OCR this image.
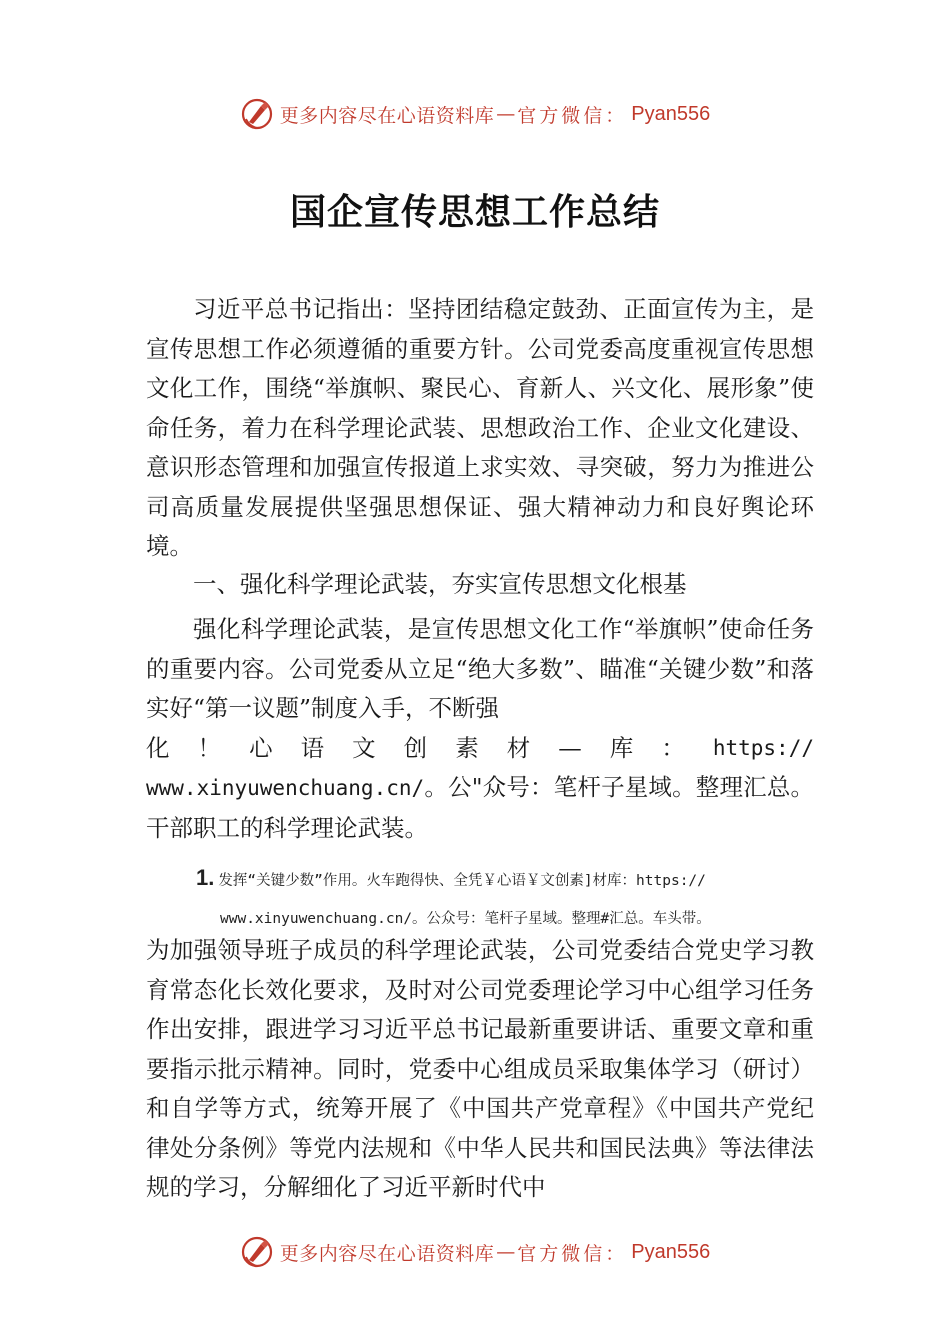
更多内容尽在心语资料库 — 官方微信： Pyan556
国企宣传思想工作总结
习近平总书记指出：坚持团结稳定鼓劲、正面宣传为主，是宣传思想工作必须遵循的重要方针。公司党委高度重视宣传思想文化工作，围绕“举旗帜、聚民心、育新人、兴文化、展形象”使命任务，着力在科学理论武装、思想政治工作、企业文化建设、意识形态管理和加强宣传报道上求实效、寻突破，努力为推进公司高质量发展提供坚强思想保证、强大精神动力和良好舆论环境。
一、强化科学理论武装，夯实宣传思想文化根基
强化科学理论武装，是宣传思想文化工作“举旗帜”使命任务的重要内容。公司党委从立足“绝大多数”、瞄准“关键少数”和落实好“第一议题”制度入手，不断强
化 ！ 心 语 文 创 素 材 — 库 ： https://
www.xinyuwenchuang.cn/。公"众号：笔杆子星域。整理汇总。干部职工的科学理论武装。
1. 发挥“关键少数”作用。火车跑得快、全凭￥心语￥文创素]材库：https://
www.xinyuwenchuang.cn/。公众号：笔杆子星域。整理#汇总。车头带。
为加强领导班子成员的科学理论武装，公司党委结合党史学习教育常态化长效化要求，及时对公司党委理论学习中心组学习任务作出安排，跟进学习习近平总书记最新重要讲话、重要文章和重要指示批示精神。同时，党委中心组成员采取集体学习（研讨）和自学等方式，统筹开展了《中国共产党章程》《中国共产党纪律处分条例》等党内法规和《中华人民共和国民法典》等法律法规的学习，分解细化了习近平新时代中
更多内容尽在心语资料库 — 官方微信： Pyan556
